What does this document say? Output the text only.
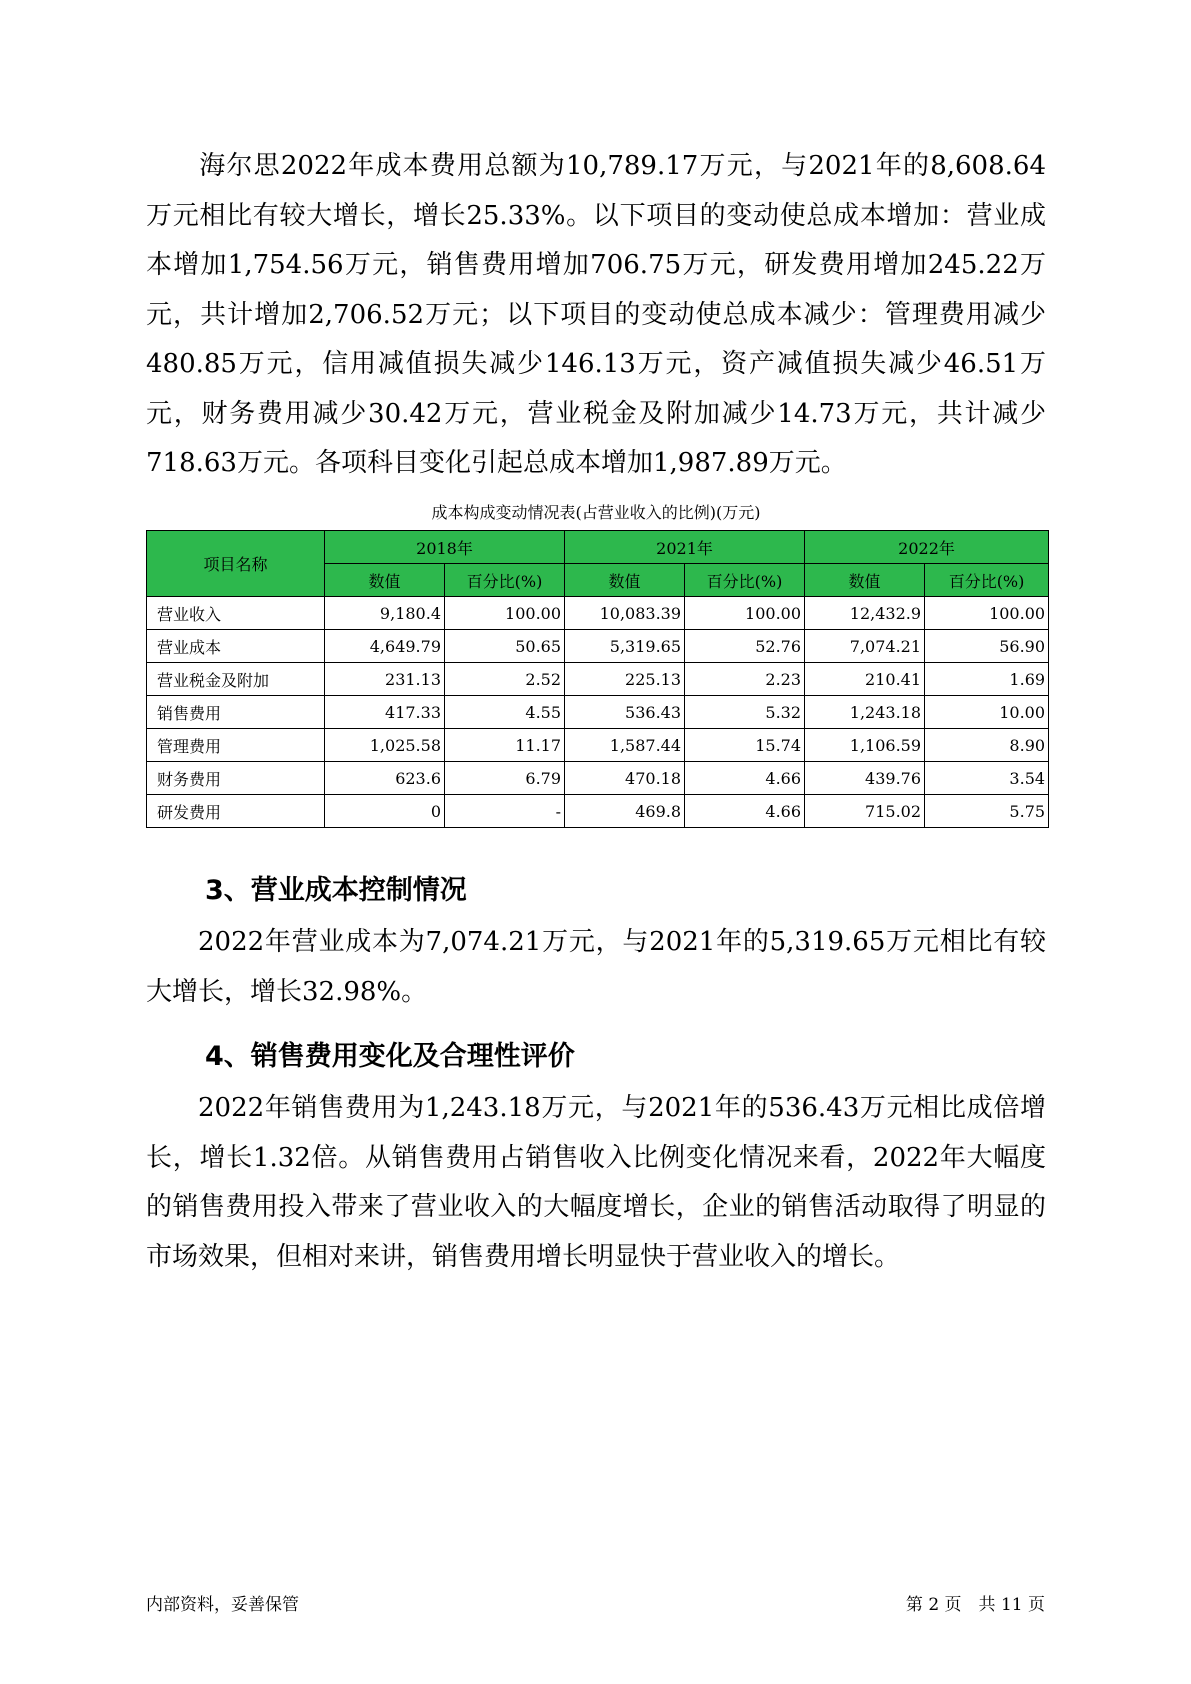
海尔思2022年成本费用总额为10,789.17万元，与2021年的8,608.64万元相比有较大增长，增长25.33%。以下项目的变动使总成本增加：营业成本增加1,754.56万元，销售费用增加706.75万元，研发费用增加245.22万元，共计增加2,706.52万元；以下项目的变动使总成本减少：管理费用减少480.85万元，信用减值损失减少146.13万元，资产减值损失减少46.51万元，财务费用减少30.42万元，营业税金及附加减少14.73万元，共计减少718.63万元。各项科目变化引起总成本增加1,987.89万元。

成本构成变动情况表(占营业收入的比例)(万元)
项目名称	2018年		2021年		2022年	
	数值	百分比(%)	数值	百分比(%)	数值	百分比(%)
营业收入	9,180.4	100.00	10,083.39	100.00	12,432.9	100.00
营业成本	4,649.79	50.65	5,319.65	52.76	7,074.21	56.90
营业税金及附加	231.13	2.52	225.13	2.23	210.41	1.69
销售费用	417.33	4.55	536.43	5.32	1,243.18	10.00
管理费用	1,025.58	11.17	1,587.44	15.74	1,106.59	8.90
财务费用	623.6	6.79	470.18	4.66	439.76	3.54
研发费用	0	-	469.8	4.66	715.02	5.75
3、营业成本控制情况

2022年营业成本为7,074.21万元，与2021年的5,319.65万元相比有较大增长，增长32.98%。

4、销售费用变化及合理性评价

2022年销售费用为1,243.18万元，与2021年的536.43万元相比成倍增长，增长1.32倍。从销售费用占销售收入比例变化情况来看，2022年大幅度的销售费用投入带来了营业收入的大幅度增长，企业的销售活动取得了明显的市场效果，但相对来讲，销售费用增长明显快于营业收入的增长。

内部资料，妥善保管	第 2 页　共 11 页
